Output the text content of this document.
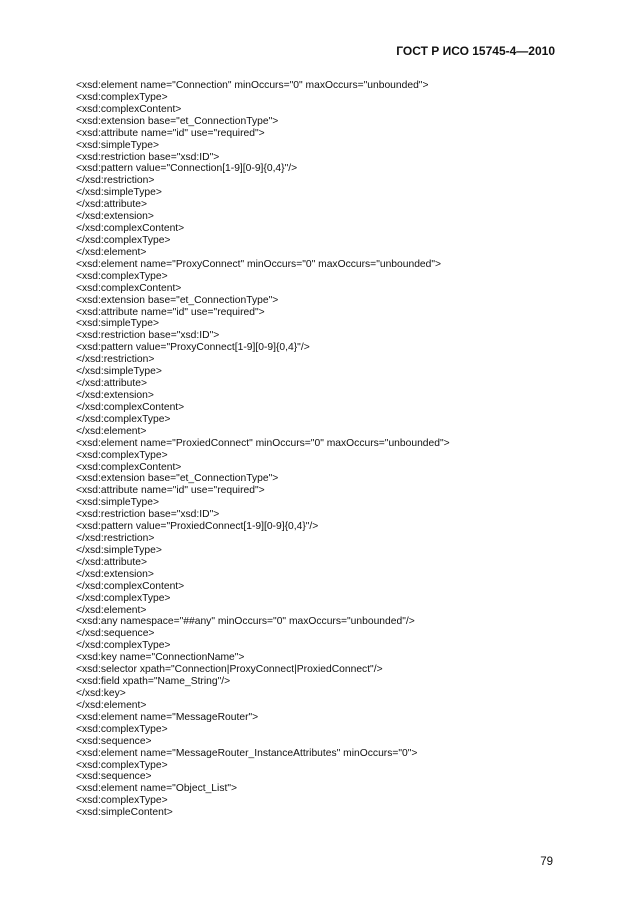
ГОСТ Р ИСО 15745-4—2010
<xsd:element name="Connection" minOccurs="0" maxOccurs="unbounded">
<xsd:complexType>
<xsd:complexContent>
<xsd:extension base="et_ConnectionType">
<xsd:attribute name="id" use="required">
<xsd:simpleType>
<xsd:restriction base="xsd:ID">
<xsd:pattern value="Connection[1-9][0-9]{0,4}"/>
</xsd:restriction>
</xsd:simpleType>
</xsd:attribute>
</xsd:extension>
</xsd:complexContent>
</xsd:complexType>
</xsd:element>
<xsd:element name="ProxyConnect" minOccurs="0" maxOccurs="unbounded">
<xsd:complexType>
<xsd:complexContent>
<xsd:extension base="et_ConnectionType">
<xsd:attribute name="id" use="required">
<xsd:simpleType>
<xsd:restriction base="xsd:ID">
<xsd:pattern value="ProxyConnect[1-9][0-9]{0,4}"/>
</xsd:restriction>
</xsd:simpleType>
</xsd:attribute>
</xsd:extension>
</xsd:complexContent>
</xsd:complexType>
</xsd:element>
<xsd:element name="ProxiedConnect" minOccurs="0" maxOccurs="unbounded">
<xsd:complexType>
<xsd:complexContent>
<xsd:extension base="et_ConnectionType">
<xsd:attribute name="id" use="required">
<xsd:simpleType>
<xsd:restriction base="xsd:ID">
<xsd:pattern value="ProxiedConnect[1-9][0-9]{0,4}"/>
</xsd:restriction>
</xsd:simpleType>
</xsd:attribute>
</xsd:extension>
</xsd:complexContent>
</xsd:complexType>
</xsd:element>
<xsd:any namespace="##any" minOccurs="0" maxOccurs="unbounded"/>
</xsd:sequence>
</xsd:complexType>
<xsd:key name="ConnectionName">
<xsd:selector xpath="Connection|ProxyConnect|ProxiedConnect"/>
<xsd:field xpath="Name_String"/>
</xsd:key>
</xsd:element>
<xsd:element name="MessageRouter">
<xsd:complexType>
<xsd:sequence>
<xsd:element name="MessageRouter_InstanceAttributes" minOccurs="0">
<xsd:complexType>
<xsd:sequence>
<xsd:element name="Object_List">
<xsd:complexType>
<xsd:simpleContent>
79
